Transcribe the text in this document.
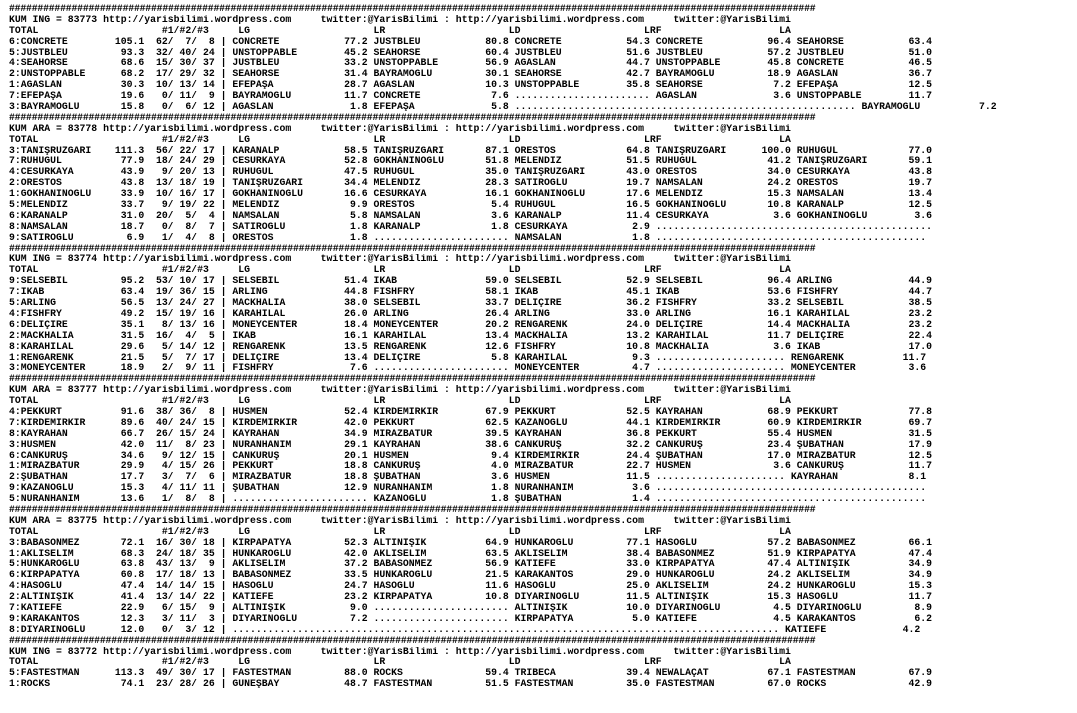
##############################################################################################################################################
KUM ING = 83773 http://yarisbilimi.wordpress.com     twitter:@YarisBilimi : http://yarisbilimi.wordpress.com     twitter:@YarisBilimi
TOTAL                     #1/#2/#3     LG                     LR                     LD                     LRF                    LA
6:CONCRETE        105.1  62/  7/  8 | CONCRETE           77.2 JUSTBLEU           80.8 CONCRETE           54.3 CONCRETE           96.4 SEAHORSE           63.4
5:JUSTBLEU         93.3  32/ 40/ 24 | UNSTOPPABLE        45.2 SEAHORSE           60.4 JUSTBLEU           51.6 JUSTBLEU           57.2 JUSTBLEU           51.0
4:SEAHORSE         68.6  15/ 30/ 37 | JUSTBLEU           33.2 UNSTOPPABLE        56.9 AĞASLAN            44.7 UNSTOPPABLE        45.8 CONCRETE           46.5
2:UNSTOPPABLE      68.2  17/ 29/ 32 | SEAHORSE           31.4 BAYRAMOĞLU         30.1 SEAHORSE           42.7 BAYRAMOĞLU         18.9 AĞASLAN            36.7
1:AĞASLAN          30.3  10/ 13/ 14 | EFEPAŞA            28.7 AĞASLAN            10.3 UNSTOPPABLE        35.8 SEAHORSE            7.2 EFEPAŞA            12.5
7:EFEPAŞA          19.6   0/ 11/  9 | BAYRAMOĞLU         11.7 CONCRETE            7.6 ....................... AĞASLAN             3.6 UNSTOPPABLE        11.7
3:BAYRAMOĞLU       15.8   0/  6/ 12 | AĞASLAN             1.8 EFEPAŞA             5.8 .......................................................... BAYRAMOĞLU          7.2
##############################################################################################################################################
KUM ARA = 83778 http://yarisbilimi.wordpress.com     twitter:@YarisBilimi : http://yarisbilimi.wordpress.com     twitter:@YarisBilimi
TOTAL                     #1/#2/#3     LG                     LR                     LD                     LRF                    LA
3:TANIŞRÜZGARI    111.3  56/ 22/ 17 | KARANALP           58.5 TANIŞRÜZGARI       87.1 ORESTOS            64.8 TANIŞRÜZGARI      100.0 RUHUGÜL            77.0
7:RUHUGÜL          77.9  18/ 24/ 29 | CESURKAYA          52.8 GÖKHANINOĞLU       51.8 MELENDİZ           51.5 RUHUGÜL            41.2 TANIŞRÜZGARI       59.1
4:CESURKAYA        43.9   9/ 20/ 13 | RUHUGÜL            47.5 RUHUGÜL            35.0 TANIŞRÜZGARI       43.0 ORESTOS            34.0 CESURKAYA          43.8
2:ORESTOS          43.8  13/ 18/ 19 | TANIŞRÜZGARI       34.4 MELENDİZ           28.3 SATIROĞLU          19.7 NAMSALAN           24.2 ORESTOS            19.7
1:GÖKHANINOĞLU     33.9  10/ 16/ 17 | GÖKHANINOĞLU       16.6 CESURKAYA          16.1 GÖKHANINOĞLU       17.6 MELENDİZ           15.3 NAMSALAN           13.4
5:MELENDİZ         33.7   9/ 19/ 22 | MELENDİZ            9.9 ORESTOS             5.4 RUHUGÜL            16.5 GÖKHANINOĞLU       10.8 KARANALP           12.5
6:KARANALP         31.0  20/  5/  4 | NAMSALAN            5.8 NAMSALAN            3.6 KARANALP           11.4 CESURKAYA           3.6 GÖKHANINOĞLU        3.6
8:NAMSALAN         18.7   0/  8/  7 | SATIROĞLU           1.8 KARANALP            1.8 CESURKAYA           2.9 ...............................................
9:SATIROĞLU         6.9   1/  4/  8 | ORESTOS             1.8 ....................... NAMSALAN            1.8 ..............................................
##############################################################################################################################################
KUM ING = 83774 http://yarisbilimi.wordpress.com     twitter:@YarisBilimi : http://yarisbilimi.wordpress.com     twitter:@YarisBilimi
TOTAL                     #1/#2/#3     LG                     LR                     LD                     LRF                    LA
9:SELSEBİL         95.2  53/ 10/ 17 | SELSEBİL           51.4 İKAB               59.0 SELSEBİL           52.9 SELSEBİL           96.4 ARLING             44.9
7:İKAB             63.4  19/ 36/ 15 | ARLING             44.8 FISHFRY            58.1 İKAB               45.1 İKAB               53.6 FISHFRY            44.7
5:ARLING           56.5  13/ 24/ 27 | MACKHALIA          38.0 SELSEBİL           33.7 DELİÇİRE           36.2 FISHFRY            33.2 SELSEBİL           38.5
4:FISHFRY          49.2  15/ 19/ 16 | KARAHİLAL          26.0 ARLING             26.4 ARLING             33.0 ARLING             16.1 KARAHİLAL          23.2
6:DELİÇİRE         35.1   8/ 13/ 16 | MONEYCENTER        18.4 MONEYCENTER        20.2 RENGARENK          24.0 DELİÇİRE           14.4 MACKHALIA          23.2
2:MACKHALIA        31.5  16/  4/  5 | İKAB               16.1 KARAHİLAL          13.4 MACKHALIA          13.2 KARAHİLAL          11.7 DELİÇİRE           22.4
8:KARAHİLAL        29.6   5/ 14/ 12 | RENGARENK          13.5 RENGARENK          12.6 FISHFRY            10.8 MACKHALIA           3.6 İKAB               17.0
1:RENGARENK        21.5   5/  7/ 17 | DELİÇİRE           13.4 DELİÇİRE            5.8 KARAHİLAL           9.3 ...................... RENGARENK          11.7
3:MONEYCENTER      18.9   2/  9/ 11 | FISHFRY             7.6 ....................... MONEYCENTER         4.7 ...................... MONEYCENTER         3.6
##############################################################################################################################################
KUM ARA = 83777 http://yarisbilimi.wordpress.com     twitter:@YarisBilimi : http://yarisbilimi.wordpress.com     twitter:@YarisBilimi
TOTAL                     #1/#2/#3     LG                     LR                     LD                     LRF                    LA
4:PEKKURT          91.6  38/ 36/  8 | HÜSMEN             52.4 KIRDEMİRKIR        67.9 PEKKURT            52.5 KAYRAHAN           68.9 PEKKURT            77.8
7:KIRDEMİRKIR      89.6  40/ 24/ 15 | KIRDEMİRKIR        42.0 PEKKURT            62.5 KAZANOĞLU          44.1 KIRDEMİRKIR        60.9 KIRDEMİRKIR        69.7
8:KAYRAHAN         66.7  26/ 15/ 24 | KAYRAHAN           34.9 MIRAZBATUR         39.5 KAYRAHAN           36.8 PEKKURT            55.4 HÜSMEN             31.5
3:HÜSMEN           42.0  11/  8/ 23 | NURANHANIM         29.1 KAYRAHAN           38.6 CANKURUŞ           32.2 CANKURUŞ           23.4 ŞUBATHAN           17.9
6:CANKURUŞ         34.6   9/ 12/ 15 | CANKURUŞ           20.1 HÜSMEN              9.4 KIRDEMİRKIR        24.4 ŞUBATHAN           17.0 MIRAZBATUR         12.5
1:MIRAZBATUR       29.9   4/ 15/ 26 | PEKKURT            18.8 CANKURUŞ            4.0 MIRAZBATUR         22.7 HÜSMEN              3.6 CANKURUŞ           11.7
2:ŞUBATHAN         17.7   3/  7/  6 | MIRAZBATUR         18.8 ŞUBATHAN            3.6 HÜSMEN             11.5 ...................... KAYRAHAN            8.1
9:KAZANOĞLU        15.3   4/ 11/ 11 | ŞUBATHAN           12.9 NURANHANIM          1.8 NURANHANIM          3.6 ..............................................
5:NURANHANIM       13.6   1/  8/  8 | ....................... KAZANOĞLU           1.8 ŞUBATHAN            1.4 ..............................................
##############################################################################################################################################
KUM ARA = 83775 http://yarisbilimi.wordpress.com     twitter:@YarisBilimi : http://yarisbilimi.wordpress.com     twitter:@YarisBilimi
TOTAL                     #1/#2/#3     LG                     LR                     LD                     LRF                    LA
3:BABASÖNMEZ       72.1  16/ 30/ 18 | KIRPAPATYA         52.3 ALTINIŞIK          64.9 HÜNKAROĞLU         77.1 HASOĞLU            57.2 BABASÖNMEZ         66.1
1:AKLISELİM        68.3  24/ 18/ 35 | HÜNKAROĞLU         42.0 AKLISELİM          63.5 AKLISELİM          38.4 BABASÖNMEZ         51.9 KIRPAPATYA         47.4
5:HÜNKAROĞLU       63.8  43/ 13/  9 | AKLISELİM          37.2 BABASÖNMEZ         56.9 KATİEFE            33.0 KIRPAPATYA         47.4 ALTINIŞIK          34.9
6:KIRPAPATYA       60.8  17/ 18/ 13 | BABASÖNMEZ         33.5 HÜNKAROĞLU         21.5 KARAKANTOS         29.0 HÜNKAROĞLU         24.2 AKLISELİM          34.9
4:HASOĞLU          47.4  14/ 14/ 15 | HASOĞLU            24.7 HASOĞLU            11.6 HASOĞLU            25.0 AKLISELİM          24.2 HÜNKAROĞLU         15.3
2:ALTINIŞIK        41.4  13/ 14/ 22 | KATİEFE            23.2 KIRPAPATYA         10.8 DİYARINOĞLU        11.5 ALTINIŞIK          15.3 HASOĞLU            11.7
7:KATİEFE          22.9   6/ 15/  9 | ALTINIŞIK           9.0 ....................... ALTINIŞIK          10.0 DİYARINOĞLU         4.5 DİYARINOĞLU         8.9
9:KARAKANTOS       12.3   3/ 11/  3 | DİYARINOĞLU         7.2 ....................... KIRPAPATYA          5.0 KATİEFE             4.5 KARAKANTOS          6.2
8:DİYARINOĞLU      12.0   0/  3/ 12 | ............................................................................................. KATİEFE             4.2
##############################################################################################################################################
KUM ING = 83772 http://yarisbilimi.wordpress.com     twitter:@YarisBilimi : http://yarisbilimi.wordpress.com     twitter:@YarisBilimi
TOTAL                     #1/#2/#3     LG                     LR                     LD                     LRF                    LA
5:FASTESTMAN      113.3  49/ 30/ 17 | FASTESTMAN         88.0 ROCKS              59.4 TRIBECA            39.4 NEWALAÇAT          67.1 FASTESTMAN         67.9
1:ROCKS            74.1  23/ 28/ 26 | GÜNEŞBAY           48.7 FASTESTMAN         51.5 FASTESTMAN         35.0 FASTESTMAN         67.0 ROCKS              42.9
